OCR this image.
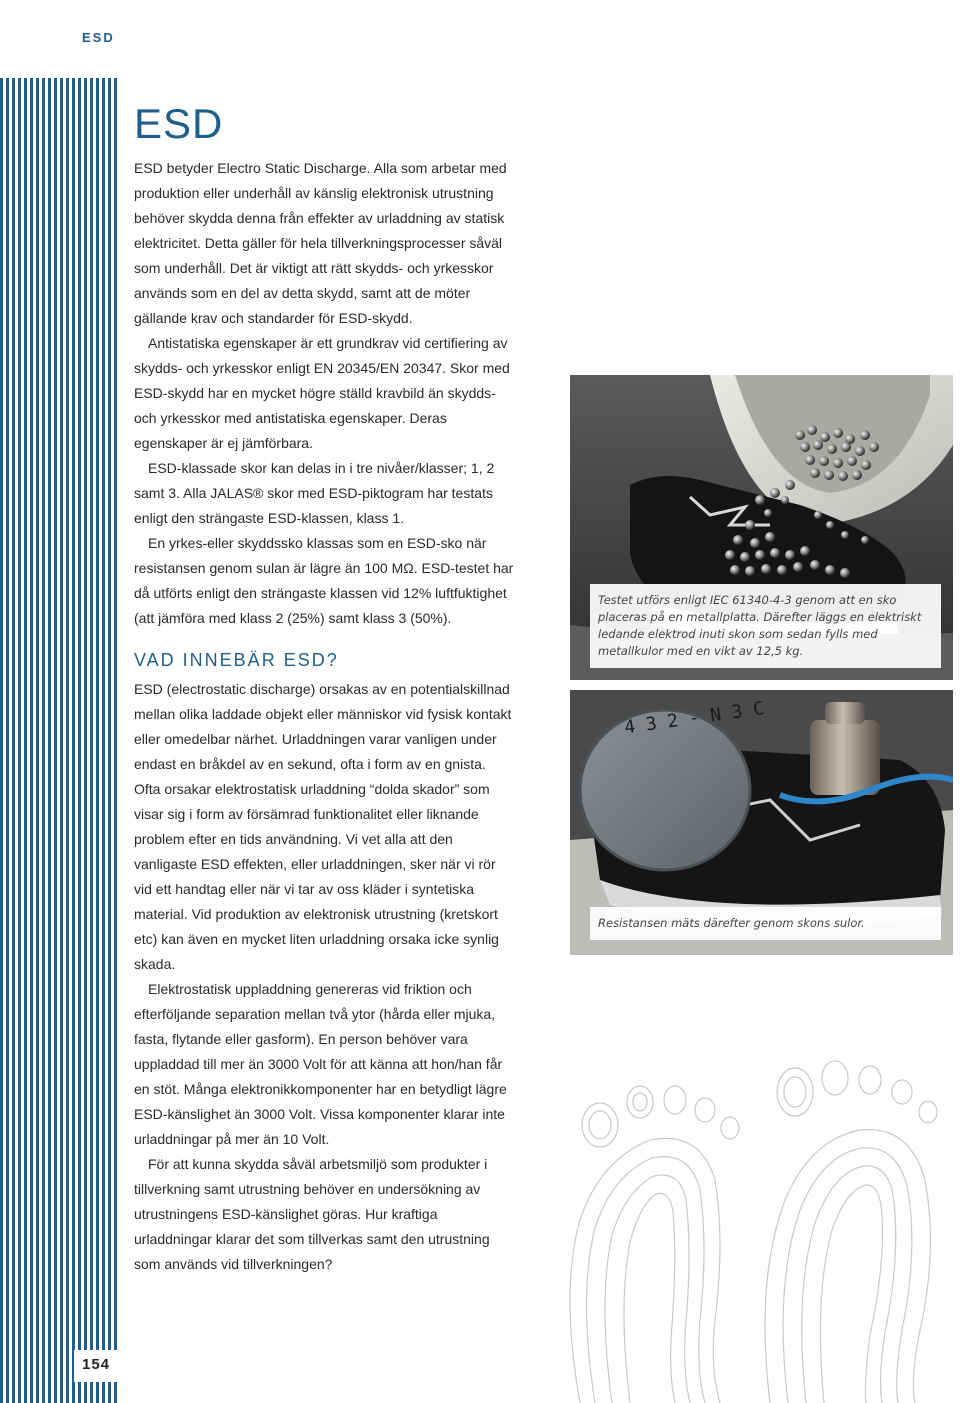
ESD
ESD

ESD betyder Electro Static Discharge. Alla som arbetar med produktion eller underhåll av känslig elektronisk utrustning behöver skydda denna från effekter av urladdning av statisk elektricitet. Detta gäller för hela tillverkningsprocesser såväl som underhåll. Det är viktigt att rätt skydds- och yrkesskor används som en del av detta skydd, samt att de möter gällande krav och standarder för ESD-skydd.

Antistatiska egenskaper är ett grundkrav vid certifiering av skydds- och yrkesskor enligt EN 20345/EN 20347. Skor med ESD-skydd har en mycket högre ställd kravbild än skydds- och yrkesskor med antistatiska egenskaper. Deras egenskaper är ej jämförbara.

ESD-klassade skor kan delas in i tre nivåer/klasser; 1, 2 samt 3. Alla JALAS® skor med ESD-piktogram har testats enligt den strängaste ESD-klassen, klass 1.

En yrkes-eller skyddssko klassas som en ESD-sko när resistansen genom sulan är lägre än 100 MΩ. ESD-testet har då utförts enligt den strängaste klassen vid 12% luftfuktighet (att jämföra med klass 2 (25%) samt klass 3 (50%).

VAD INNEBÄR ESD?

ESD (electrostatic discharge) orsakas av en potentialskillnad mellan olika laddade objekt eller människor vid fysisk kontakt eller omedelbar närhet. Urladdningen varar vanligen under endast en bråkdel av en sekund, ofta i form av en gnista. Ofta orsakar elektrostatisk urladdning “dolda skador” som visar sig i form av försämrad funktionalitet eller liknande problem efter en tids användning. Vi vet alla att den vanligaste ESD effekten, eller urladdningen, sker när vi rör vid ett handtag eller när vi tar av oss kläder i syntetiska material. Vid produktion av elektronisk utrustning (kretskort etc) kan även en mycket liten urladdning orsaka icke synlig skada.

Elektrostatisk uppladdning genereras vid friktion och efterföljande separation mellan två ytor (hårda eller mjuka, fasta, flytande eller gasform). En person behöver vara uppladdad till mer än 3000 Volt för att känna att hon/han får en stöt. Många elektronikkomponenter har en betydligt lägre ESD-känslighet än 3000 Volt. Vissa komponenter klarar inte urladdningar på mer än 10 Volt.

För att kunna skydda såväl arbetsmiljö som produkter i tillverkning samt utrustning behöver en undersökning av utrustningens ESD-känslighet göras. Hur kraftiga urladdningar klarar det som tillverkas samt den utrustning som används vid tillverkningen?

Testet utförs enligt IEC 61340-4-3 genom att en sko placeras på en metallplatta. Därefter läggs en elektriskt ledande elektrod inuti skon som sedan fylls med metallkulor med en vikt av 12,5 kg.
4 3 2 - N 3 C
Resistansen mäts därefter genom skons sulor.
154
